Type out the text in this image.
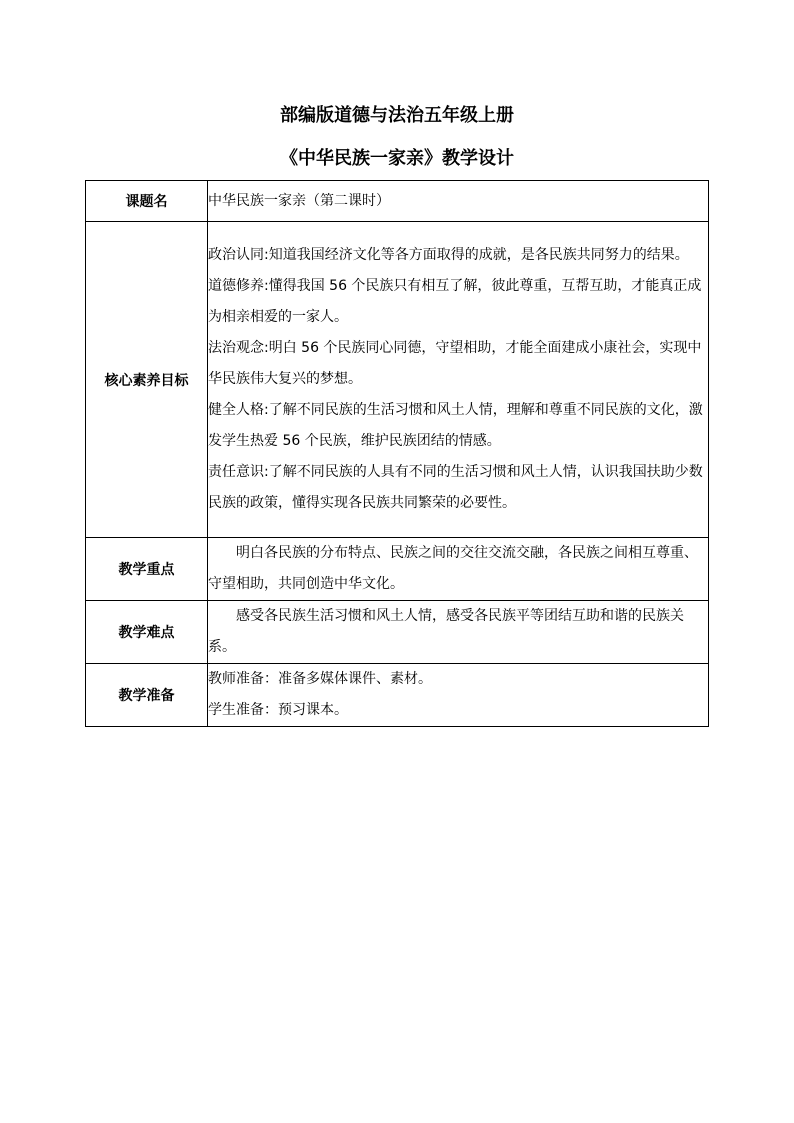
部编版道德与法治五年级上册
《中华民族一家亲》教学设计
课题名	中华民族一家亲（第二课时）
核心素养目标	政治认同:知道我国经济文化等各方面取得的成就，是各民族共同努力的结果。
道德修养:懂得我国 56 个民族只有相互了解，彼此尊重，互帮互助，才能真正成为相亲相爱的一家人。
法治观念:明白 56 个民族同心同德，守望相助，才能全面建成小康社会，实现中华民族伟大复兴的梦想。
健全人格:了解不同民族的生活习惯和风土人情，理解和尊重不同民族的文化，激发学生热爱 56 个民族，维护民族团结的情感。
责任意识:了解不同民族的人具有不同的生活习惯和风土人情，认识我国扶助少数民族的政策，懂得实现各民族共同繁荣的必要性。

教学重点	明白各民族的分布特点、民族之间的交往交流交融，各民族之间相互尊重、守望相助，共同创造中华文化。

教学难点	感受各民族生活习惯和风土人情，感受各民族平等团结互助和谐的民族关系。

教学准备	教师准备：准备多媒体课件、素材。
学生准备：预习课本。
